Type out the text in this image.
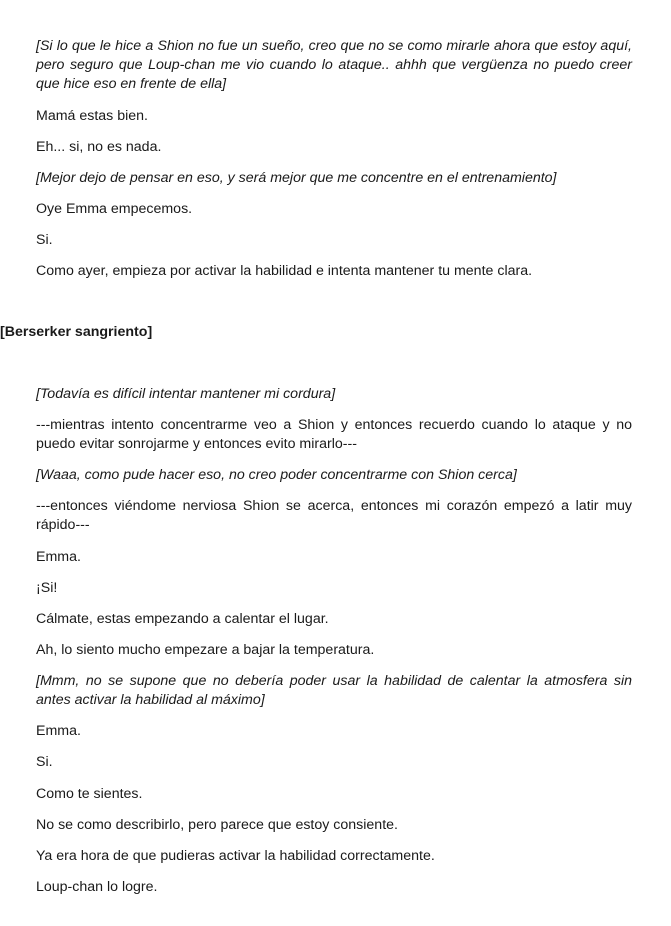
[Si lo que le hice a Shion no fue un sueño, creo que no se como mirarle ahora que estoy aquí, pero seguro que Loup-chan me vio cuando lo ataque.. ahhh que vergüenza no puedo creer que hice eso en frente de ella]

Mamá estas bien.

Eh... si, no es nada.

[Mejor dejo de pensar en eso, y será mejor que me concentre en el entrenamiento]

Oye Emma empecemos.

Si.

Como ayer, empieza por activar la habilidad e intenta mantener tu mente clara.

[Berserker sangriento]

[Todavía es difícil intentar mantener mi cordura]

---mientras intento concentrarme veo a Shion y entonces recuerdo cuando lo ataque y no puedo evitar sonrojarme y entonces evito mirarlo---

[Waaa, como pude hacer eso, no creo poder concentrarme con Shion cerca]

---entonces viéndome nerviosa Shion se acerca, entonces mi corazón empezó a latir muy rápido---

Emma.

¡Si!

Cálmate, estas empezando a calentar el lugar.

Ah, lo siento mucho empezare a bajar la temperatura.

[Mmm, no se supone que no debería poder usar la habilidad de calentar la atmosfera sin antes activar la habilidad al máximo]

Emma.

Si.

Como te sientes.

No se como describirlo, pero parece que estoy consiente.

Ya era hora de que pudieras activar la habilidad correctamente.

Loup-chan lo logre.
